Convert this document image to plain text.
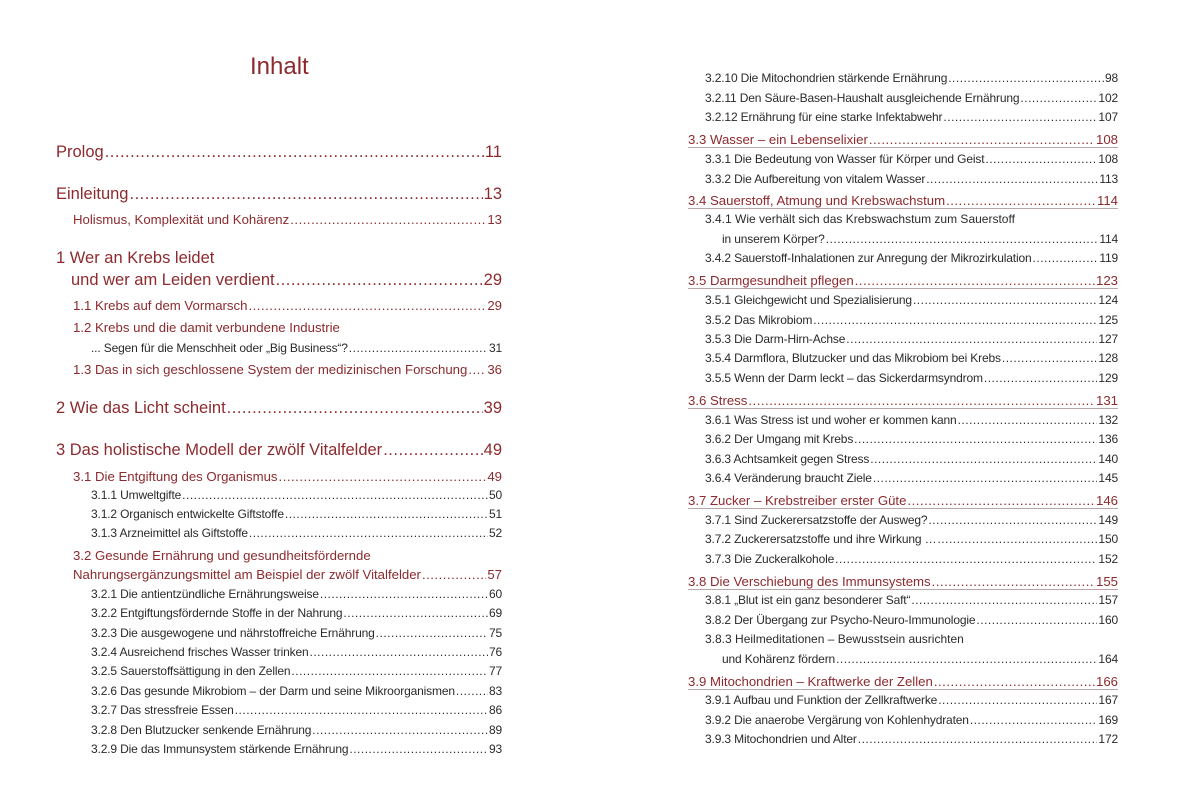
Inhalt
Prolog .....	11
Einleitung .....	13
Holismus, Komplexität und Kohärenz .....	13
1 Wer an Krebs leidet
und wer am Leiden verdient .....	29
1.1 Krebs auf dem Vormarsch .....	29
1.2 Krebs und die damit verbundene Industrie
... Segen für die Menschheit oder „Big Business“? .....	31
1.3 Das in sich geschlossene System der medizinischen Forschung ..... 36
2 Wie das Licht scheint .....	39
3 Das holistische Modell der zwölf Vitalfelder .....	49
3.1 Die Entgiftung des Organismus .....	49
3.1.1 Umweltgifte .....	50
3.1.2 Organisch entwickelte Giftstoffe .....	51
3.1.3 Arzneimittel als Giftstoffe .....	52
3.2 Gesunde Ernährung und gesundheitsfördernde
Nahrungsergänzungsmittel am Beispiel der zwölf Vitalfelder .....	57
3.2.1 Die antientzündliche Ernährungsweise .....	60
3.2.2 Entgiftungsfördernde Stoffe in der Nahrung .....	69
3.2.3 Die ausgewogene und nährstoffreiche Ernährung .....	75
3.2.4 Ausreichend frisches Wasser trinken .....	76
3.2.5 Sauerstoffsättigung in den Zellen .....	77
3.2.6 Das gesunde Mikrobiom – der Darm und seine Mikroorganismen .....	83
3.2.7 Das stressfreie Essen .....	86
3.2.8 Den Blutzucker senkende Ernährung .....	89
3.2.9 Die das Immunsystem stärkende Ernährung .....	93
3.2.10 Die Mitochondrien stärkende Ernährung .....	98
3.2.11 Den Säure-Basen-Haushalt ausgleichende Ernährung .....	102
3.2.12 Ernährung für eine starke Infektabwehr .....	107
3.3 Wasser – ein Lebenselixier .....	108
3.3.1 Die Bedeutung von Wasser für Körper und Geist .....	108
3.3.2 Die Aufbereitung von vitalem Wasser .....	113
3.4 Sauerstoff, Atmung und Krebswachstum .....	114
3.4.1 Wie verhält sich das Krebswachstum zum Sauerstoff
in unserem Körper? .....	114
3.4.2 Sauerstoff-Inhalationen zur Anregung der Mikrozirkulation .....	119
3.5 Darmgesundheit pflegen .....	123
3.5.1 Gleichgewicht und Spezialisierung .....	124
3.5.2 Das Mikrobiom .....	125
3.5.3 Die Darm-Hirn-Achse .....	127
3.5.4 Darmflora, Blutzucker und das Mikrobiom bei Krebs .....	128
3.5.5 Wenn der Darm leckt – das Sickerdarmsyndrom .....	129
3.6 Stress .....	131
3.6.1 Was Stress ist und woher er kommen kann .....	132
3.6.2 Der Umgang mit Krebs .....	136
3.6.3 Achtsamkeit gegen Stress .....	140
3.6.4 Veränderung braucht Ziele .....	145
3.7 Zucker – Krebstreiber erster Güte .....	146
3.7.1 Sind Zuckerersatzstoffe der Ausweg? .....	149
3.7.2 Zuckerersatzstoffe und ihre Wirkung … .....	150
3.7.3 Die Zuckeralkohole .....	152
3.8 Die Verschiebung des Immunsystems .....	155
3.8.1 „Blut ist ein ganz besonderer Saft“ .....	157
3.8.2 Der Übergang zur Psycho-Neuro-Immunologie .....	160
3.8.3 Heilmeditationen – Bewusstsein ausrichten
und Kohärenz fördern .....	164
3.9 Mitochondrien – Kraftwerke der Zellen .....	166
3.9.1 Aufbau und Funktion der Zellkraftwerke .....	167
3.9.2 Die anaerobe Vergärung von Kohlenhydraten .....	169
3.9.3 Mitochondrien und Alter .....	172
